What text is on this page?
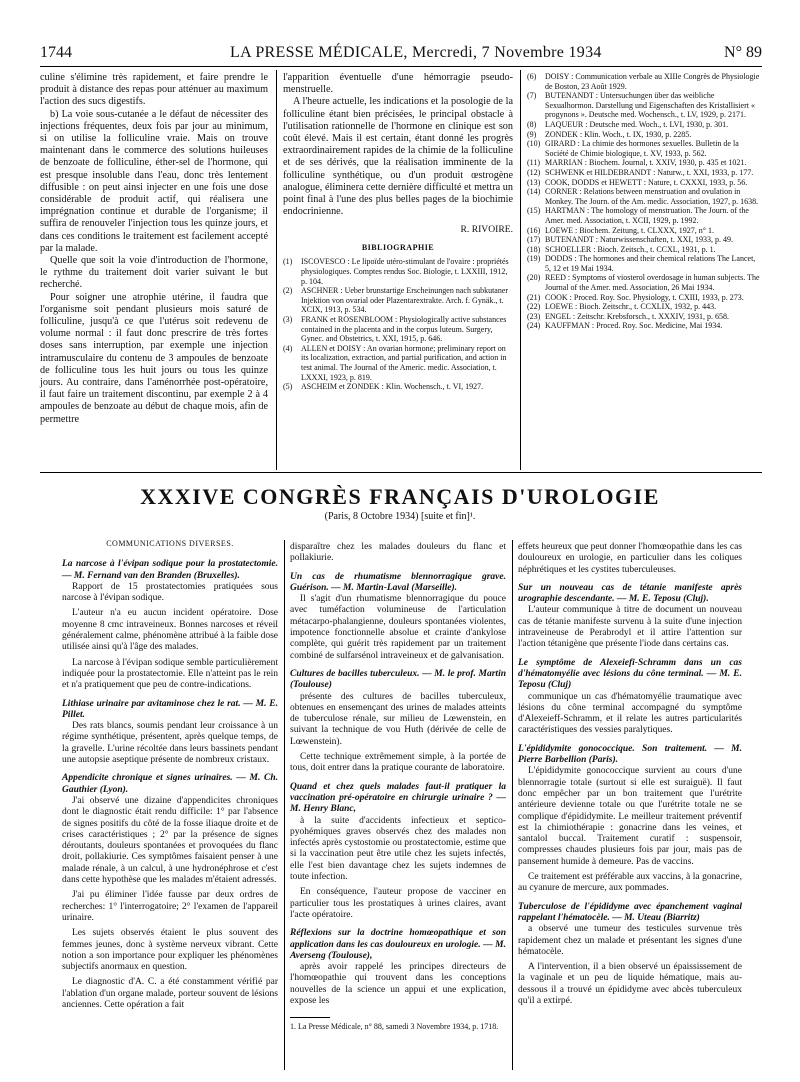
1744	LA PRESSE MÉDICALE, Mercredi, 7 Novembre 1934	N° 89

culine s'élimine très rapidement, et faire prendre le produit à distance des repas pour atténuer au maximum l'action des sucs digestifs.

b) La voie sous-cutanée a le défaut de nécessiter des injections fréquentes, deux fois par jour au minimum, si on utilise la folliculine vraie. Mais on trouve maintenant dans le commerce des solutions huileuses de benzoate de folliculine, éther-sel de l'hormone, qui est presque insoluble dans l'eau, donc très lentement diffusible : on peut ainsi injecter en une fois une dose considérable de produit actif, qui réalisera une imprégnation continue et durable de l'organisme; il suffira de renouveler l'injection tous les quinze jours, et dans ces conditions le traitement est facilement accepté par la malade.

Quelle que soit la voie d'introduction de l'hormone, le rythme du traitement doit varier suivant le but recherché.

Pour soigner une atrophie utérine, il faudra que l'organisme soit pendant plusieurs mois saturé de folliculine, jusqu'à ce que l'utérus soit redevenu de volume normal : il faut donc prescrire de très fortes doses sans interruption, par exemple une injection intramusculaire du contenu de 3 ampoules de benzoate de folliculine tous les huit jours ou tous les quinze jours. Au contraire, dans l'aménorrhée post-opératoire, il faut faire un traitement discontinu, par exemple 2 à 4 ampoules de benzoate au début de chaque mois, afin de permettre

l'apparition éventuelle d'une hémorragie pseudo-menstruelle.

A l'heure actuelle, les indications et la posologie de la folliculine étant bien précisées, le principal obstacle à l'utilisation rationnelle de l'hormone en clinique est son coût élevé. Mais il est certain, étant donné les progrès extraordinairement rapides de la chimie de la folliculine et de ses dérivés, que la réalisation imminente de la folliculine synthétique, ou d'un produit œstrogène analogue, éliminera cette dernière difficulté et mettra un point final à l'une des plus belles pages de la biochimie endocrinienne.

R. RIVOIRE.
BIBLIOGRAPHIE
(1)	ISCOVESCO : Le lipoïde utéro-stimulant de l'ovaire : propriétés physiologiques. Comptes rendus Soc. Biologie, t. LXXIII, 1912, p. 104.
(2)	ASCHNER : Ueber brunstartige Erscheinungen nach subkutaner Injektion von ovarial oder Plazentarextrakte. Arch. f. Gynäk., t. XCIX, 1913, p. 534.
(3)	FRANK et ROSENBLOOM : Physiologically active substances contained in the placenta and in the corpus luteum. Surgery, Gynec. and Obstetrics, t. XXI, 1915, p. 646.
(4)	ALLEN et DOISY : An ovarian hormone; preliminary report on its localization, extraction, and partial purification, and action in test animal. The Journal of the Americ. medic. Association, t. LXXXI, 1923, p. 819.
(5)	ASCHEIM et ZONDEK : Klin. Wochensch., t. VI, 1927.
(6)	DOISY : Communication verbale au XIIIe Congrès de Physiologie de Boston, 23 Août 1929.
(7)	BUTENANDT : Untersuchungen über das weibliche Sexualhormon. Darstellung und Eigenschaften des Kristallisiert « progynons ». Deutsche med. Wochensch., t. LV, 1929, p. 2171.
(8)	LAQUEUR : Deutsche med. Woch., t. LVI, 1930, p. 301.
(9)	ZONDEK : Klin. Woch., t. IX, 1930, p. 2285.
(10) GIRARD : La chimie des hormones sexuelles. Bulletin de la Société de Chimie biologique, t. XV, 1933, p. 562.
(11) MARRIAN : Biochem. Journal, t. XXIV, 1930, p. 435 et 1021.
(12) SCHWENK et HILDEBRANDT : Naturw., t. XXI, 1933, p. 177.
(13) COOK, DODDS et HEWETT : Nature, t. CXXXI, 1933, p. 56.
(14) CORNER : Relations between menstruation and ovulation in Monkey. The Journ. of the Am. medic. Association, 1927, p. 1638.
(15) HARTMAN : The homology of menstruation. The Journ. of the Amer. med. Association, t. XCII, 1929, p. 1992.
(16) LOEWE : Biochem. Zeitung, t. CLXXX, 1927, n° 1.
(17) BUTENANDT : Naturwissenschaften, t. XXI, 1933, p. 49.
(18) SCHOELLER : Bioch. Zeitsch., t. CCXL, 1931, p. 1.
(19) DODDS : The hormones and their chemical relations The Lancet, 5, 12 et 19 Mai 1934.
(20) REED : Symptoms of viosterol overdosage in human subjects. The Journal of the Amer. med. Association, 26 Mai 1934.
(21) COOK : Proced. Roy. Soc. Physiology, t. CXIII, 1933, p. 273.
(22) LOEWE : Bioch. Zeitschr., t. CCXLIX, 1932, p. 443.
(23) ENGEL : Zeitschr. Krebsforsch., t. XXXIV, 1931, p. 658.
(24) KAUFFMAN : Proced. Roy. Soc. Medicine, Mai 1934.
XXXIVE CONGRÈS FRANÇAIS D'UROLOGIE
(Paris, 8 Octobre 1934) [suite et fin]¹.
COMMUNICATIONS DIVERSES.

La narcose à l'évipan sodique pour la prostatectomie. — M. Fernand van den Branden (Bruxelles).

Rapport de 15 prostatectomies pratiquées sous narcose à l'évipan sodique.

L'auteur n'a eu aucun incident opératoire. Dose moyenne 8 cmc intraveineux. Bonnes narcoses et réveil généralement calme, phénomène attribué à la faible dose utilisée ainsi qu'à l'âge des malades.

La narcose à l'évipan sodique semble particulièrement indiquée pour la prostatectomie. Elle n'atteint pas le rein et n'a pratiquement que peu de contre-indications.

Lithiase urinaire par avitaminose chez le rat. — M. E. Pillet.

Des rats blancs, soumis pendant leur croissance à un régime synthétique, présentent, après quelque temps, de la gravelle. L'urine récoltée dans leurs bassinets pendant une autopsie aseptique présente de nombreux cristaux.

Appendicite chronique et signes urinaires. — M. Ch. Gauthier (Lyon).

J'ai observé une dizaine d'appendicites chroniques dont le diagnostic était rendu difficile: 1° par l'absence de signes positifs du côté de la fosse iliaque droite et de crises caractéristiques ; 2° par la présence de signes déroutants, douleurs spontanées et provoquées du flanc droit, pollakiurie. Ces symptômes faisaient penser à une malade rénale, à un calcul, à une hydronéphrose et c'est dans cette hypothèse que les malades m'étaient adressés.

J'ai pu éliminer l'idée fausse par deux ordres de recherches: 1° l'interrogatoire; 2° l'examen de l'appareil urinaire.

Les sujets observés étaient le plus souvent des femmes jeunes, donc à système nerveux vibrant. Cette notion a son importance pour expliquer les phénomènes subjectifs anormaux en question.

Le diagnostic d'A. C. a été constamment vérifié par l'ablation d'un organe malade, porteur souvent de lésions anciennes. Cette opération a fait

disparaître chez les malades douleurs du flanc et pollakiurie.

Un cas de rhumatisme blennorragique grave. Guérison. — M. Martin-Laval (Marseille).

Il s'agit d'un rhumatisme blennorragique du pouce avec tuméfaction volumineuse de l'articulation métacarpo-phalangienne, douleurs spontanées violentes, impotence fonctionnelle absolue et crainte d'ankylose complète, qui guérit très rapidement par un traitement combiné de sulfarsénol intraveineux et de galvanisation.

Cultures de bacilles tuberculeux. — M. le prof. Martin (Toulouse)

présente des cultures de bacilles tuberculeux, obtenues en ensemençant des urines de malades atteints de tuberculose rénale, sur milieu de Lœwenstein, en suivant la technique de vou Huth (dérivée de celle de Lœwenstein).

Cette technique extrêmement simple, à la portée de tous, doit entrer dans la pratique courante de laboratoire.

Quand et chez quels malades faut-il pratiquer la vaccination pré-opératoire en chirurgie urinaire ? — M. Henry Blanc,

à la suite d'accidents infectieux et septico-pyohémiques graves observés chez des malades non infectés après cystostomie ou prostatectomie, estime que si la vaccination peut être utile chez les sujets infectés, elle l'est bien davantage chez les sujets indemnes de toute infection.

En conséquence, l'auteur propose de vacciner en particulier tous les prostatiques à urines claires, avant l'acte opératoire.

Réflexions sur la doctrine homœopathique et son application dans les cas douloureux en urologie. — M. Averseng (Toulouse),

après avoir rappelé les principes directeurs de l'homœopathie qui trouvent dans les conceptions nouvelles de la science un appui et une explication, expose les

1. La Presse Médicale, n° 88, samedi 3 Novembre 1934, p. 1718.

effets heureux que peut donner l'homœopathie dans les cas douloureux en urologie, en particulier dans les coliques néphrétiques et les cystites tuberculeuses.

Sur un nouveau cas de tétanie manifeste après urographie descendante. — M. E. Teposu (Cluj).

L'auteur communique à titre de document un nouveau cas de tétanie manifeste survenu à la suite d'une injection intraveineuse de Perabrodyl et il attire l'attention sur l'action tétanigène que présente l'iode dans certains cas.

Le symptôme de Alexeiefi-Schramm dans un cas d'hématomyélie avec lésions du cône terminal. — M. E. Teposu (Cluj)

communique un cas d'hématomyélie traumatique avec lésions du cône terminal accompagné du symptôme d'Alexeieff-Schramm, et il relate les autres particularités caractéristiques des vessies paralytiques.

L'épididymite gonococcique. Son traitement. — M. Pierre Barbellion (Paris).

L'épididymite gonococcique survient au cours d'une blennorragie totale (surtout si elle est suraiguë). Il faut donc empêcher par un bon traitement que l'urétrite antérieure devienne totale ou que l'urétrite totale ne se complique d'épididymite. Le meilleur traitement préventif est la chimiothérapie : gonacrine dans les veines, et santalol buccal. Traitement curatif : suspensoir, compresses chaudes plusieurs fois par jour, mais pas de pansement humide à demeure. Pas de vaccins.

Ce traitement est préférable aux vaccins, à la gonacrine, au cyanure de mercure, aux pommades.

Tuberculose de l'épididyme avec épanchement vaginal rappelant l'hématocèle. — M. Uteau (Biarritz)

a observé une tumeur des testicules survenue très rapidement chez un malade et présentant les signes d'une hématocèle.

A l'intervention, il a bien observé un épaississement de la vaginale et un peu de liquide hématique, mais au-dessous il a trouvé un épididyme avec abcès tuberculeux qu'il a extirpé.
